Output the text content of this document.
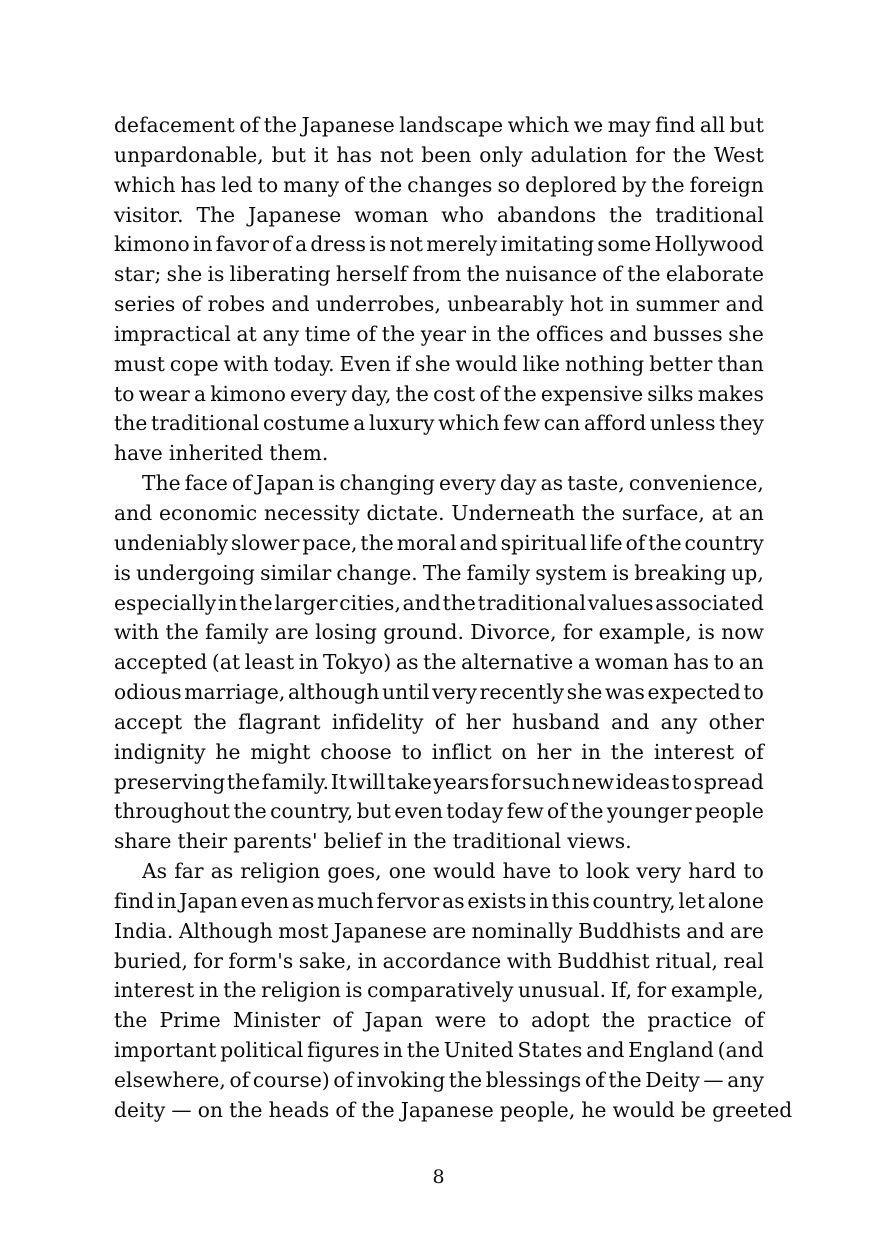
defacement of the Japanese landscape which we may find all but
unpardonable, but it has not been only adulation for the West
which has led to many of the changes so deplored by the foreign
visitor. The Japanese woman who abandons the traditional
kimono in favor of a dress is not merely imitating some Hollywood
star; she is liberating herself from the nuisance of the elaborate
series of robes and underrobes, unbearably hot in summer and
impractical at any time of the year in the offices and busses she
must cope with today. Even if she would like nothing better than
to wear a kimono every day, the cost of the expensive silks makes
the traditional costume a luxury which few can afford unless they
have inherited them.
The face of Japan is changing every day as taste, convenience,
and economic necessity dictate. Underneath the surface, at an
undeniably slower pace, the moral and spiritual life of the country
is undergoing similar change. The family system is breaking up,
especially in the larger cities, and the traditional values associated
with the family are losing ground. Divorce, for example, is now
accepted (at least in Tokyo) as the alternative a woman has to an
odious marriage, although until very recently she was expected to
accept the flagrant infidelity of her husband and any other
indignity he might choose to inflict on her in the interest of
preserving the family. It will take years for such new ideas to spread
throughout the country, but even today few of the younger people
share their parents' belief in the traditional views.
As far as religion goes, one would have to look very hard to
find in Japan even as much fervor as exists in this country, let alone
India. Although most Japanese are nominally Buddhists and are
buried, for form's sake, in accordance with Buddhist ritual, real
interest in the religion is comparatively unusual. If, for example,
the Prime Minister of Japan were to adopt the practice of
important political figures in the United States and England (and
elsewhere, of course) of invoking the blessings of the Deity — any
deity — on the heads of the Japanese people, he would be greeted
8
